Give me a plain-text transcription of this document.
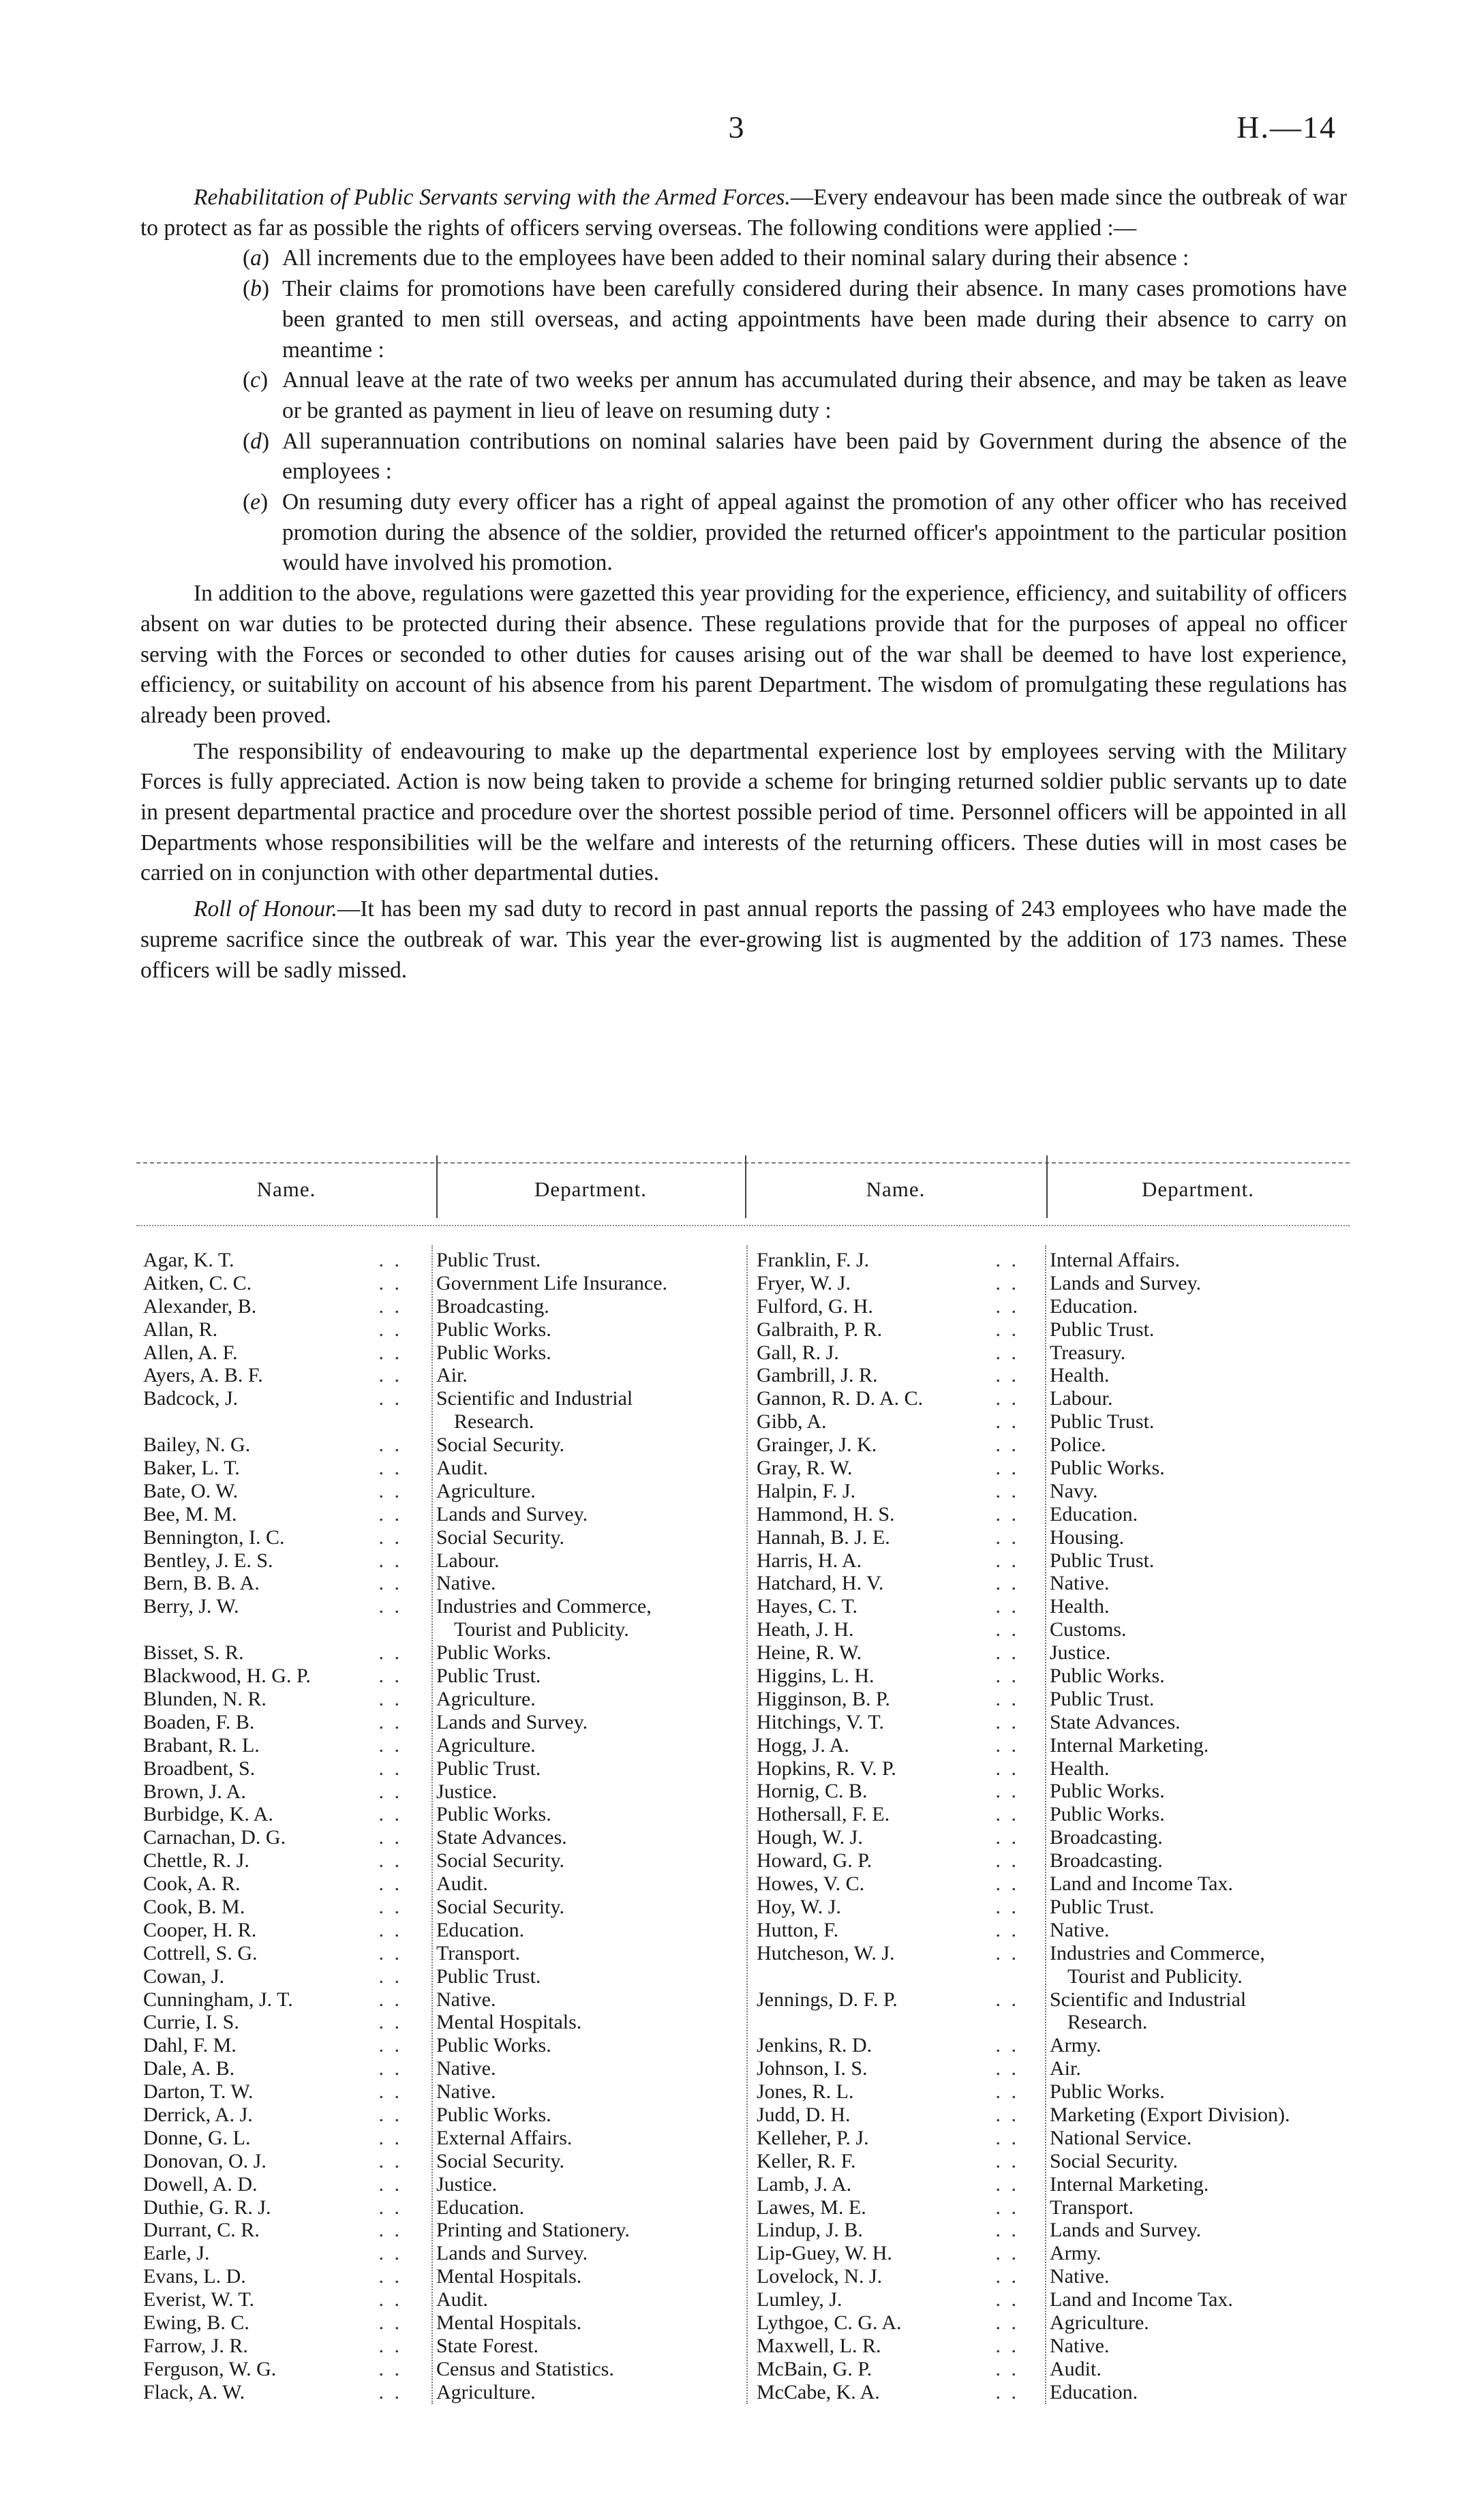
3	H.—14

Rehabilitation of Public Servants serving with the Armed Forces.—Every endeavour has been made since the outbreak of war to protect as far as possible the rights of officers serving overseas. The following conditions were applied :—

( a ) All increments due to the employees have been added to their nominal salary during their absence :
( b ) Their claims for promotions have been carefully considered during their absence. In many cases promotions have been granted to men still overseas, and acting appointments have been made during their absence to carry on meantime :
( c ) Annual leave at the rate of two weeks per annum has accumulated during their absence, and may be taken as leave or be granted as payment in lieu of leave on resuming duty :
( d ) All superannuation contributions on nominal salaries have been paid by Government during the absence of the employees :
( e ) On resuming duty every officer has a right of appeal against the promotion of any other officer who has received promotion during the absence of the soldier, provided the returned officer's appointment to the particular position would have involved his promotion.

In addition to the above, regulations were gazetted this year providing for the experience, efficiency, and suitability of officers absent on war duties to be protected during their absence. These regulations provide that for the purposes of appeal no officer serving with the Forces or seconded to other duties for causes arising out of the war shall be deemed to have lost experience, efficiency, or suitability on account of his absence from his parent Department. The wisdom of promulgating these regulations has already been proved.

The responsibility of endeavouring to make up the departmental experience lost by employees serving with the Military Forces is fully appreciated. Action is now being taken to provide a scheme for bringing returned soldier public servants up to date in present departmental practice and procedure over the shortest possible period of time. Personnel officers will be appointed in all Departments whose responsibilities will be the welfare and interests of the returning officers. These duties will in most cases be carried on in conjunction with other departmental duties.

Roll of Honour.—It has been my sad duty to record in past annual reports the passing of 243 employees who have made the supreme sacrifice since the outbreak of war. This year the ever-growing list is augmented by the addition of 173 names. These officers will be sadly missed.

Name.	Department.	Name.	Department.
Agar, K. T.	. . Public Trust.
Aitken, C. C.	. . Government Life Insurance.
Alexander, B.	. . Broadcasting.
Allan, R.	. . Public Works.
Allen, A. F.	. . Public Works.
Ayers, A. B. F.	. . Air.
Badcock, J.	. . Scientific and Industrial
Research.
Bailey, N. G.	. . Social Security.
Baker, L. T.	. . Audit.
Bate, O. W.	. . Agriculture.
Bee, M. M.	. . Lands and Survey.
Bennington, I. C.	. . Social Security.
Bentley, J. E. S.	. . Labour.
Bern, B. B. A.	. . Native.
Berry, J. W.	. . Industries and Commerce,
Tourist and Publicity.
Bisset, S. R.	. . Public Works.
Blackwood, H. G. P.	. . Public Trust.
Blunden, N. R.	. . Agriculture.
Boaden, F. B.	. . Lands and Survey.
Brabant, R. L.	. . Agriculture.
Broadbent, S.	. . Public Trust.
Brown, J. A.	. . Justice.
Burbidge, K. A.	. . Public Works.
Carnachan, D. G.	. . State Advances.
Chettle, R. J.	. . Social Security.
Cook, A. R.	. . Audit.
Cook, B. M.	. . Social Security.
Cooper, H. R.	. . Education.
Cottrell, S. G.	. . Transport.
Cowan, J.	. . Public Trust.
Cunningham, J. T.	. . Native.
Currie, I. S.	. . Mental Hospitals.
Dahl, F. M.	. . Public Works.
Dale, A. B.	. . Native.
Darton, T. W.	. . Native.
Derrick, A. J.	. . Public Works.
Donne, G. L.	. . External Affairs.
Donovan, O. J.	. . Social Security.
Dowell, A. D.	. . Justice.
Duthie, G. R. J.	. . Education.
Durrant, C. R.	. . Printing and Stationery.
Earle, J.	. . Lands and Survey.
Evans, L. D.	. . Mental Hospitals.
Everist, W. T.	. . Audit.
Ewing, B. C.	. . Mental Hospitals.
Farrow, J. R.	. . State Forest.
Ferguson, W. G.	. . Census and Statistics.
Flack, A. W.	. . Agriculture.
Franklin, F. J.	. . Internal Affairs.
Fryer, W. J.	. . Lands and Survey.
Fulford, G. H.	. . Education.
Galbraith, P. R.	. . Public Trust.
Gall, R. J.	. . Treasury.
Gambrill, J. R.	. . Health.
Gannon, R. D. A. C.	. . Labour.
Gibb, A.	. . Public Trust.
Grainger, J. K.	. . Police.
Gray, R. W.	. . Public Works.
Halpin, F. J.	. . Navy.
Hammond, H. S.	. . Education.
Hannah, B. J. E.	. . Housing.
Harris, H. A.	. . Public Trust.
Hatchard, H. V.	. . Native.
Hayes, C. T.	. . Health.
Heath, J. H.	. . Customs.
Heine, R. W.	. . Justice.
Higgins, L. H.	. . Public Works.
Higginson, B. P.	. . Public Trust.
Hitchings, V. T.	. . State Advances.
Hogg, J. A.	. . Internal Marketing.
Hopkins, R. V. P.	. . Health.
Hornig, C. B.	. . Public Works.
Hothersall, F. E.	. . Public Works.
Hough, W. J.	. . Broadcasting.
Howard, G. P.	. . Broadcasting.
Howes, V. C.	. . Land and Income Tax.
Hoy, W. J.	. . Public Trust.
Hutton, F.	. . Native.
Hutcheson, W. J.	. . Industries and Commerce,
Tourist and Publicity.
Jennings, D. F. P.	. . Scientific and Industrial
Research.
Jenkins, R. D.	. . Army.
Johnson, I. S.	. . Air.
Jones, R. L.	. . Public Works.
Judd, D. H.	. . Marketing (Export Division).
Kelleher, P. J.	. . National Service.
Keller, R. F.	. . Social Security.
Lamb, J. A.	. . Internal Marketing.
Lawes, M. E.	. . Transport.
Lindup, J. B.	. . Lands and Survey.
Lip-Guey, W. H.	. . Army.
Lovelock, N. J.	. . Native.
Lumley, J.	. . Land and Income Tax.
Lythgoe, C. G. A.	. . Agriculture.
Maxwell, L. R.	. . Native.
McBain, G. P.	. . Audit.
McCabe, K. A.	. . Education.
